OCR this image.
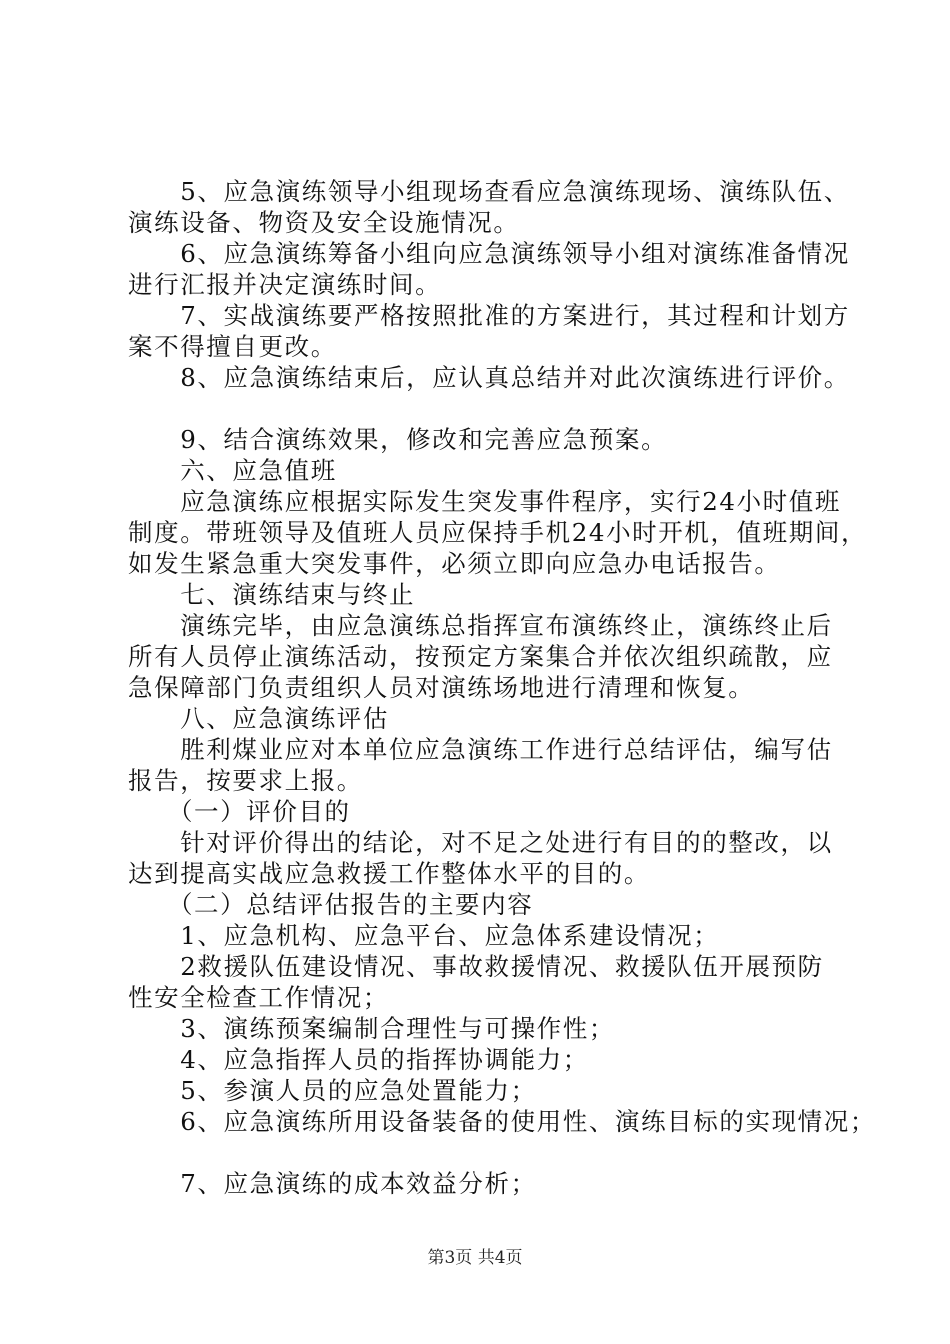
　　5、应急演练领导小组现场查看应急演练现场、演练队伍、
演练设备、物资及安全设施情况。
　　6、应急演练筹备小组向应急演练领导小组对演练准备情况
进行汇报并决定演练时间。
　　7、实战演练要严格按照批准的方案进行，其过程和计划方
案不得擅自更改。
　　8、应急演练结束后，应认真总结并对此次演练进行评价。
　　9、结合演练效果，修改和完善应急预案。
　　六、应急值班
　　应急演练应根据实际发生突发事件程序，实行24小时值班
制度。带班领导及值班人员应保持手机24小时开机，值班期间，
如发生紧急重大突发事件，必须立即向应急办电话报告。
　　七、演练结束与终止
　　演练完毕，由应急演练总指挥宣布演练终止，演练终止后
所有人员停止演练活动，按预定方案集合并依次组织疏散，应
急保障部门负责组织人员对演练场地进行清理和恢复。
　　八、应急演练评估
　　胜利煤业应对本单位应急演练工作进行总结评估，编写估
报告，按要求上报。
　　（一）评价目的
　　针对评价得出的结论，对不足之处进行有目的的整改，以
达到提高实战应急救援工作整体水平的目的。
　　（二）总结评估报告的主要内容
　　1、应急机构、应急平台、应急体系建设情况；
　　2救援队伍建设情况、事故救援情况、救援队伍开展预防
性安全检查工作情况；
　　3、演练预案编制合理性与可操作性；
　　4、应急指挥人员的指挥协调能力；
　　5、参演人员的应急处置能力；
　　6、应急演练所用设备装备的使用性、演练目标的实现情况；
　　7、应急演练的成本效益分析；
第3页 共4页
